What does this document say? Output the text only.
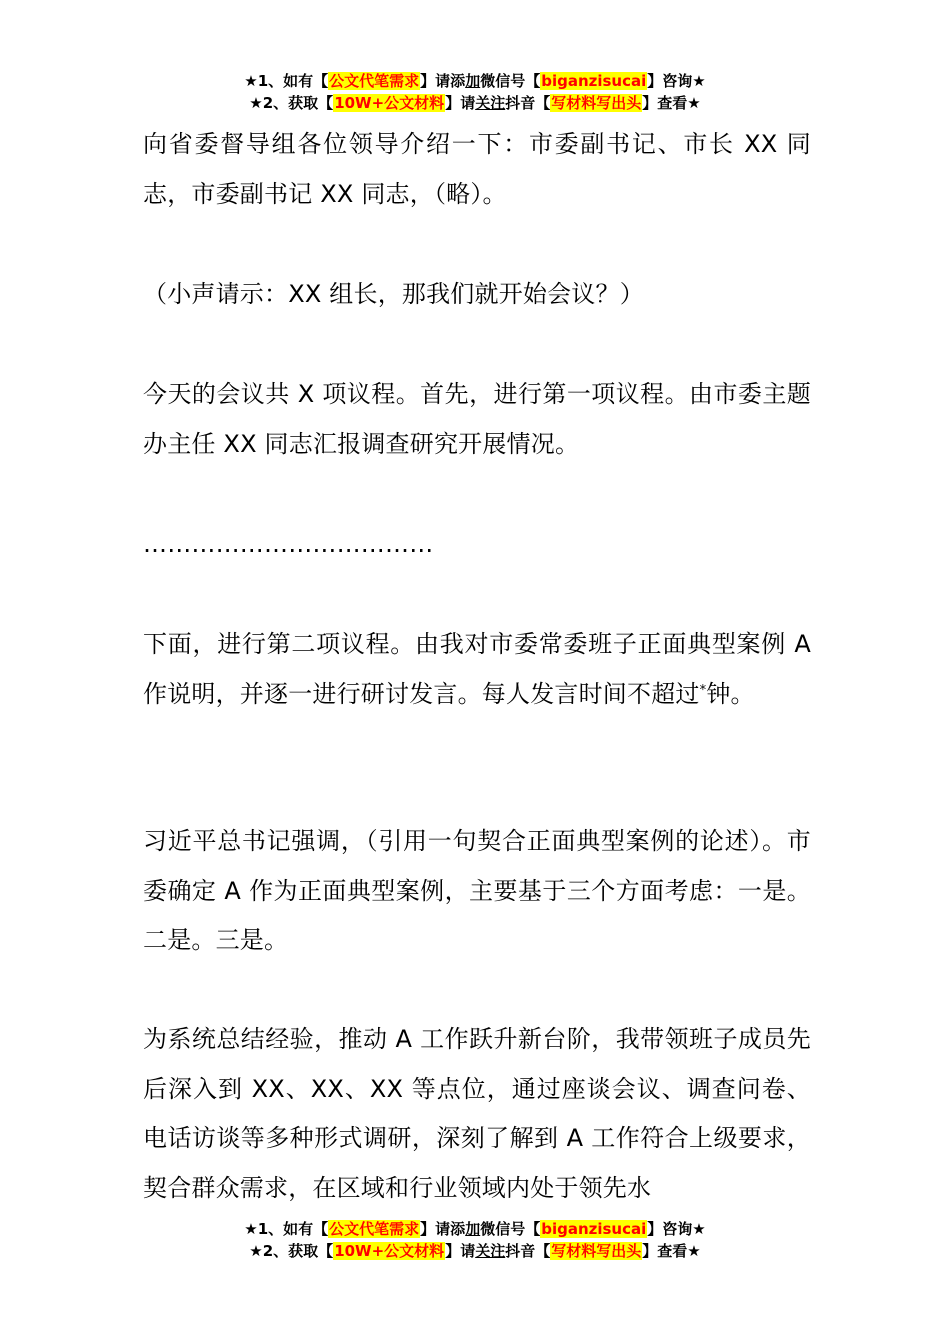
★1、如有【公文代笔需求】请添加微信号【biganzisucai】咨询★
★2、获取【10W+公文材料】请关注抖音【写材料写出头】查看★

向省委督导组各位领导介绍一下：市委副书记、市长 XX 同志，市委副书记 XX 同志，（略）。

（小声请示：XX 组长，那我们就开始会议？）

今天的会议共 X 项议程。首先，进行第一项议程。由市委主题办主任 XX 同志汇报调查研究开展情况。

………………………………

下面，进行第二项议程。由我对市委常委班子正面典型案例 A 作说明，并逐一进行研讨发言。每人发言时间不超过*钟。

习近平总书记强调，（引用一句契合正面典型案例的论述）。市委确定 A 作为正面典型案例，主要基于三个方面考虑：一是。二是。三是。

为系统总结经验，推动 A 工作跃升新台阶，我带领班子成员先后深入到 XX、XX、XX 等点位，通过座谈会议、调查问卷、电话访谈等多种形式调研，深刻了解到 A 工作符合上级要求，契合群众需求，在区域和行业领域内处于领先水

★1、如有【公文代笔需求】请添加微信号【biganzisucai】咨询★
★2、获取【10W+公文材料】请关注抖音【写材料写出头】查看★
